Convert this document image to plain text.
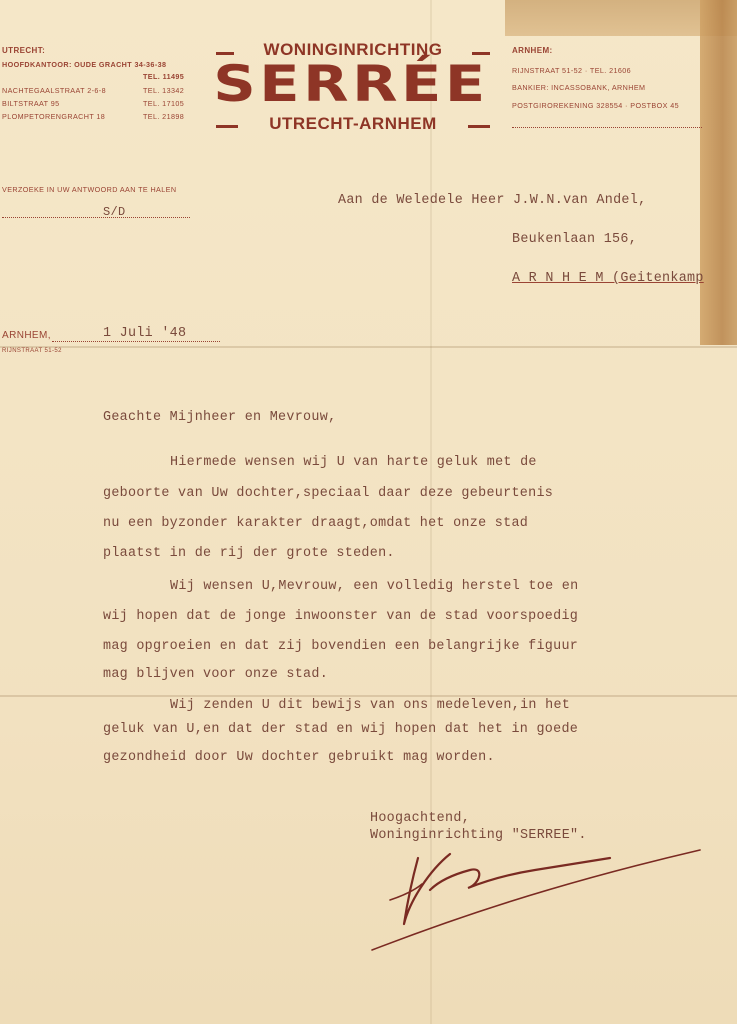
UTRECHT:
HOOFDKANTOOR: OUDE GRACHT 34-36-38
TEL. 11495
NACHTEGAALSTRAAT 2-6-8	TEL. 13342
BILTSTRAAT 95	TEL. 17105
PLOMPETORENGRACHT 18	TEL. 21898
WONINGINRICHTING
SERRÉE
UTRECHT-ARNHEM
ARNHEM:
RIJNSTRAAT 51-52 · TEL. 21606
BANKIER: INCASSOBANK, ARNHEM
POSTGIROREKENING 328554 · POSTBOX 45
VERZOEKE IN UW ANTWOORD AAN TE HALEN
S/D
Aan de Weledele Heer J.W.N.van Andel,
Beukenlaan 156,
A R N H E M (Geitenkamp
ARNHEM,	1 Juli '48
RIJNSTRAAT 51-52
Geachte Mijnheer en Mevrouw,
Hiermede wensen wij U van harte geluk met de
geboorte van Uw dochter,speciaal daar deze gebeurtenis
nu een byzonder karakter draagt,omdat het onze stad
plaatst in de rij der grote steden.
Wij wensen U,Mevrouw, een volledig herstel toe en
wij hopen dat de jonge inwoonster van de stad voorspoedig
mag opgroeien en dat zij bovendien een belangrijke figuur
mag blijven voor onze stad.
Wij zenden U dit bewijs van ons medeleven,in het
geluk van U,en dat der stad en wij hopen dat het in goede
gezondheid door Uw dochter gebruikt mag worden.
Hoogachtend,
Woninginrichting "SERREE".
